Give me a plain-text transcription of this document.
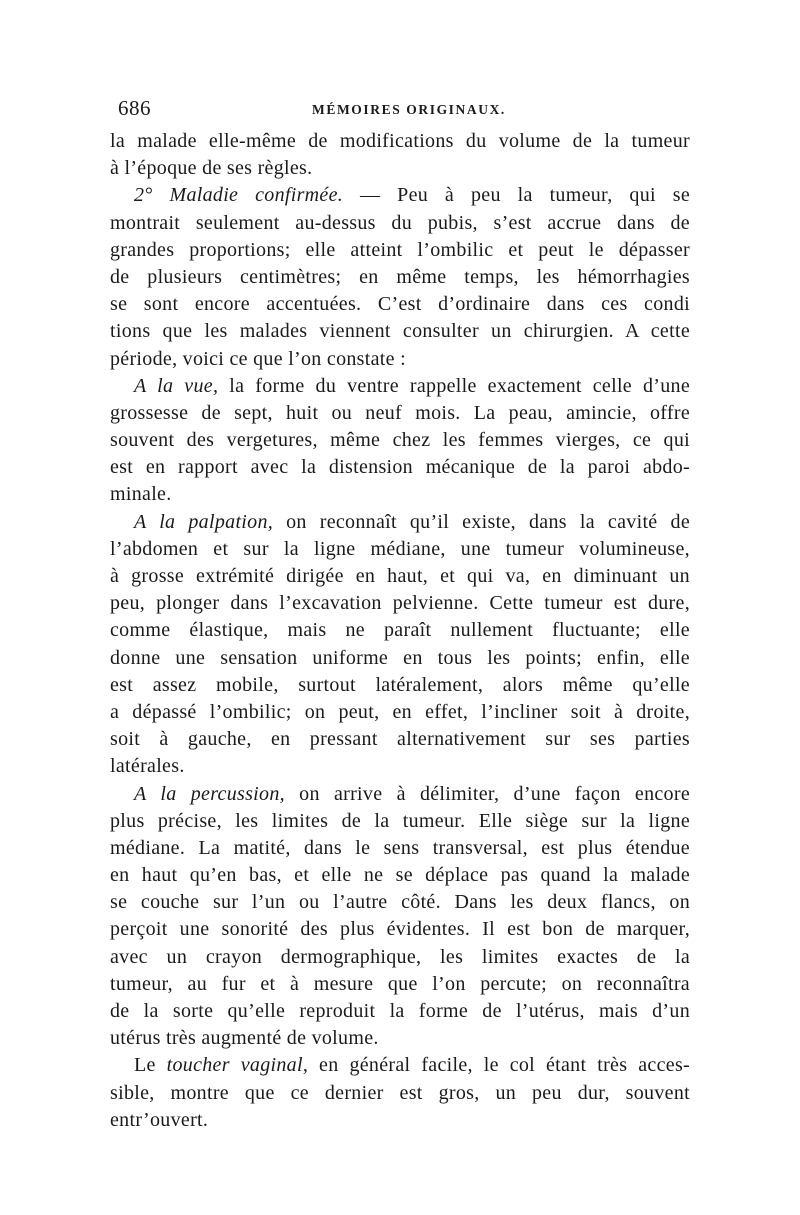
686	MÉMOIRES ORIGINAUX.
la malade elle-même de modifications du volume de la tumeur
à l’époque de ses règles.
2° Maladie confirmée. — Peu à peu la tumeur, qui se
montrait seulement au-dessus du pubis, s’est accrue dans de
grandes proportions; elle atteint l’ombilic et peut le dépasser
de plusieurs centimètres; en même temps, les hémorrhagies
se sont encore accentuées. C’est d’ordinaire dans ces condi
tions que les malades viennent consulter un chirurgien. A cette
période, voici ce que l’on constate :
A la vue, la forme du ventre rappelle exactement celle d’une
grossesse de sept, huit ou neuf mois. La peau, amincie, offre
souvent des vergetures, même chez les femmes vierges, ce qui
est en rapport avec la distension mécanique de la paroi abdo-
minale.
A la palpation, on reconnaît qu’il existe, dans la cavité de
l’abdomen et sur la ligne médiane, une tumeur volumineuse,
à grosse extrémité dirigée en haut, et qui va, en diminuant un
peu, plonger dans l’excavation pelvienne. Cette tumeur est dure,
comme élastique, mais ne paraît nullement fluctuante; elle
donne une sensation uniforme en tous les points; enfin, elle
est assez mobile, surtout latéralement, alors même qu’elle
a dépassé l’ombilic; on peut, en effet, l’incliner soit à droite,
soit à gauche, en pressant alternativement sur ses parties
latérales.
A la percussion, on arrive à délimiter, d’une façon encore
plus précise, les limites de la tumeur. Elle siège sur la ligne
médiane. La matité, dans le sens transversal, est plus étendue
en haut qu’en bas, et elle ne se déplace pas quand la malade
se couche sur l’un ou l’autre côté. Dans les deux flancs, on
perçoit une sonorité des plus évidentes. Il est bon de marquer,
avec un crayon dermographique, les limites exactes de la
tumeur, au fur et à mesure que l’on percute; on reconnaîtra
de la sorte qu’elle reproduit la forme de l’utérus, mais d’un
utérus très augmenté de volume.
Le toucher vaginal, en général facile, le col étant très acces-
sible, montre que ce dernier est gros, un peu dur, souvent
entr’ouvert.
